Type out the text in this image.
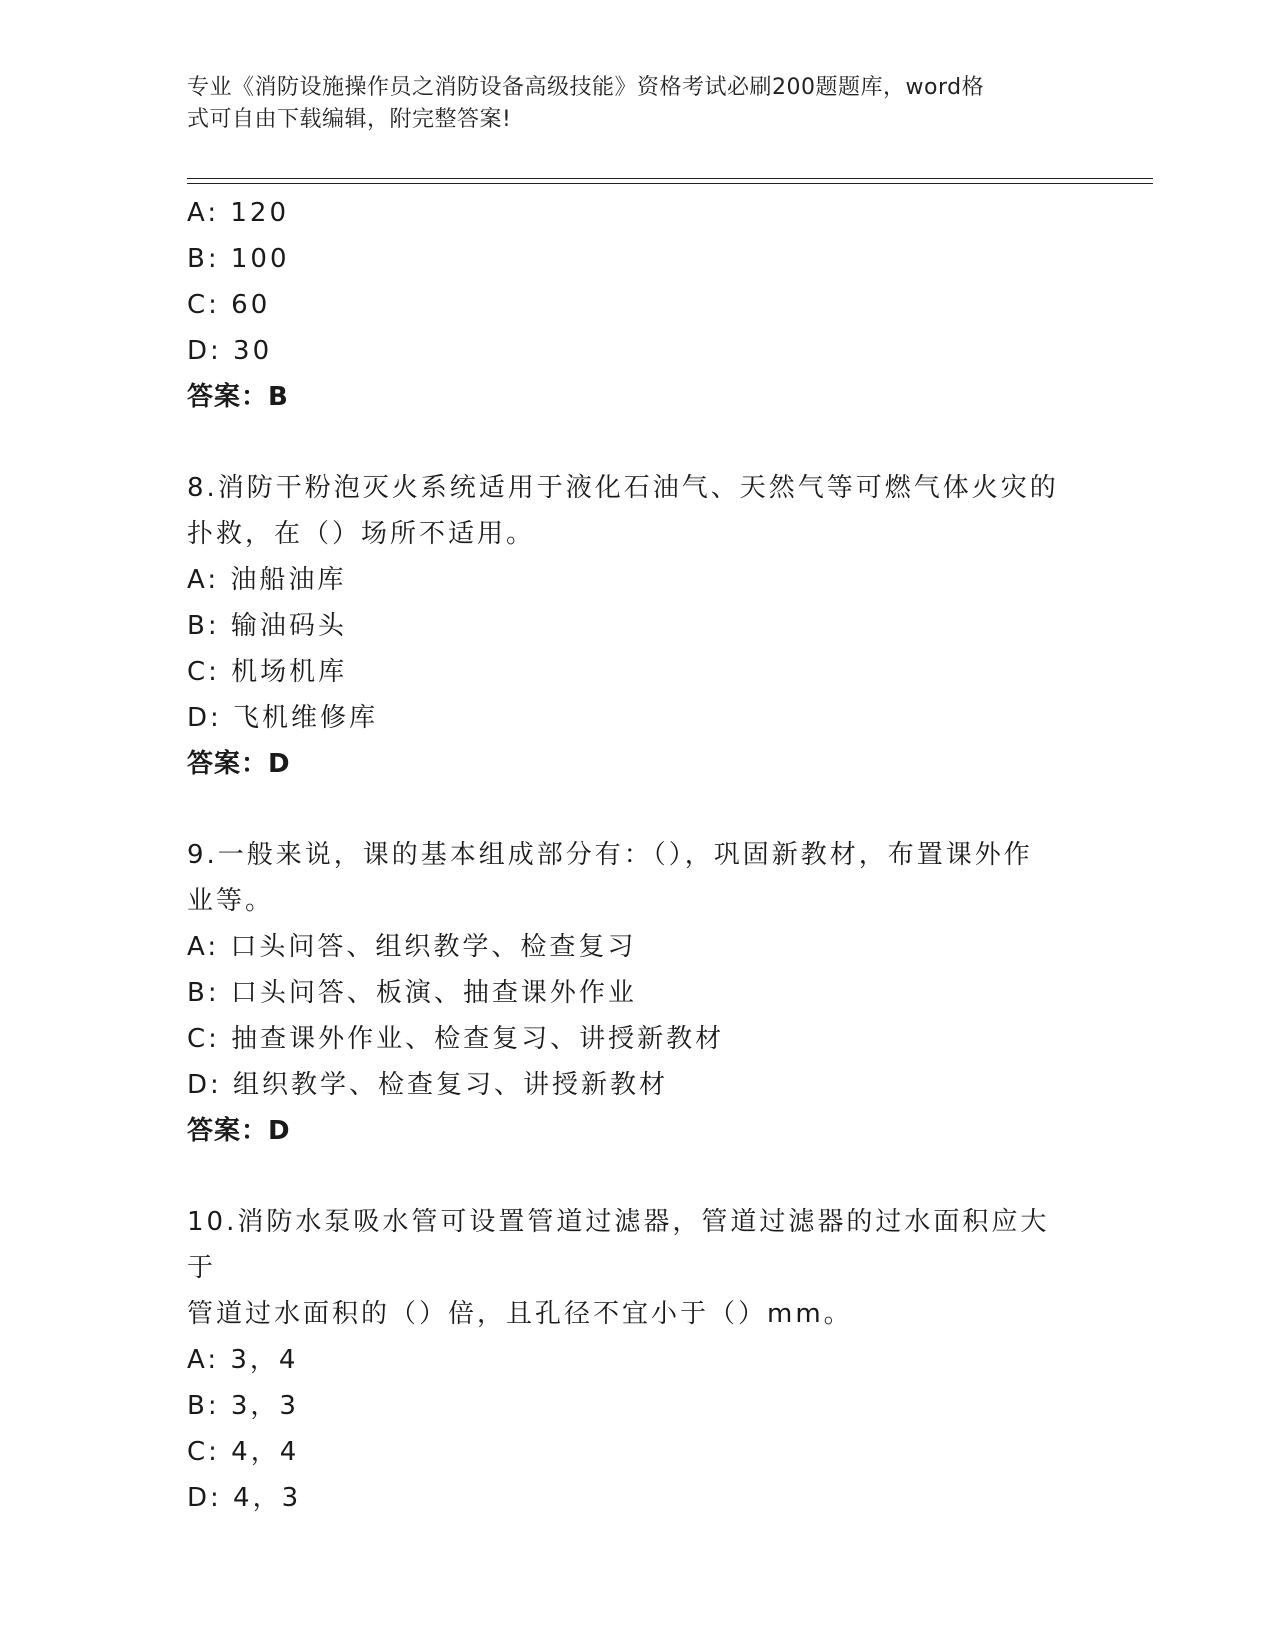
专业《消防设施操作员之消防设备高级技能》资格考试必刷200题题库，word格
式可自由下载编辑，附完整答案!
A: 120
B: 100
C: 60
D: 30
答案：B
8.消防干粉泡灭火系统适用于液化石油气、天然气等可燃气体火灾的
扑救，在（）场所不适用。
A: 油船油库
B: 输油码头
C: 机场机库
D: 飞机维修库
答案：D
9.一般来说，课的基本组成部分有：（），巩固新教材，布置课外作
业等。
A: 口头问答、组织教学、检查复习
B: 口头问答、板演、抽查课外作业
C: 抽查课外作业、检查复习、讲授新教材
D: 组织教学、检查复习、讲授新教材
答案：D
10.消防水泵吸水管可设置管道过滤器，管道过滤器的过水面积应大于
管道过水面积的（）倍，且孔径不宜小于（）mm。
A: 3，4
B: 3，3
C: 4，4
D: 4，3
